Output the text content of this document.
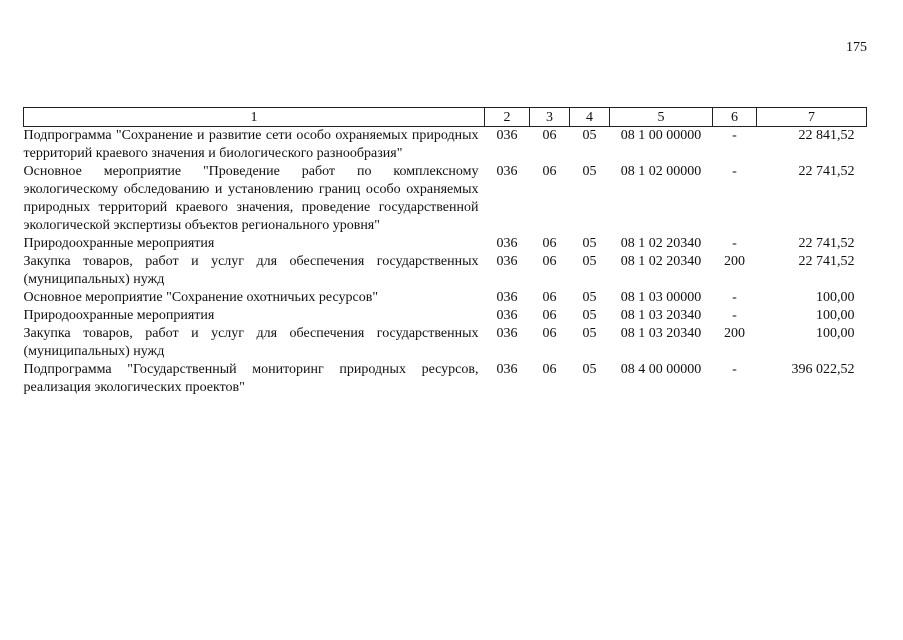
175
1	2	3	4	5	6	7
Подпрограмма "Сохранение и развитие сети особо охраняемых природных территорий краевого значения и биологического разнообразия"	036	06	05	08 1 00 00000	-	22 841,52
Основное мероприятие "Проведение работ по комплексному экологическому обследованию и установлению границ особо охраняемых природных территорий краевого значения, проведение государственной экологической экспертизы объектов регионального уровня"	036	06	05	08 1 02 00000	-	22 741,52
Природоохранные мероприятия	036	06	05	08 1 02 20340	-	22 741,52
Закупка товаров, работ и услуг для обеспечения государственных (муниципальных) нужд	036	06	05	08 1 02 20340	200	22 741,52
Основное мероприятие "Сохранение охотничьих ресурсов"	036	06	05	08 1 03 00000	-	100,00
Природоохранные мероприятия	036	06	05	08 1 03 20340	-	100,00
Закупка товаров, работ и услуг для обеспечения государственных (муниципальных) нужд	036	06	05	08 1 03 20340	200	100,00
Подпрограмма "Государственный мониторинг природных ресурсов, реализация экологических проектов"	036	06	05	08 4 00 00000	-	396 022,52
